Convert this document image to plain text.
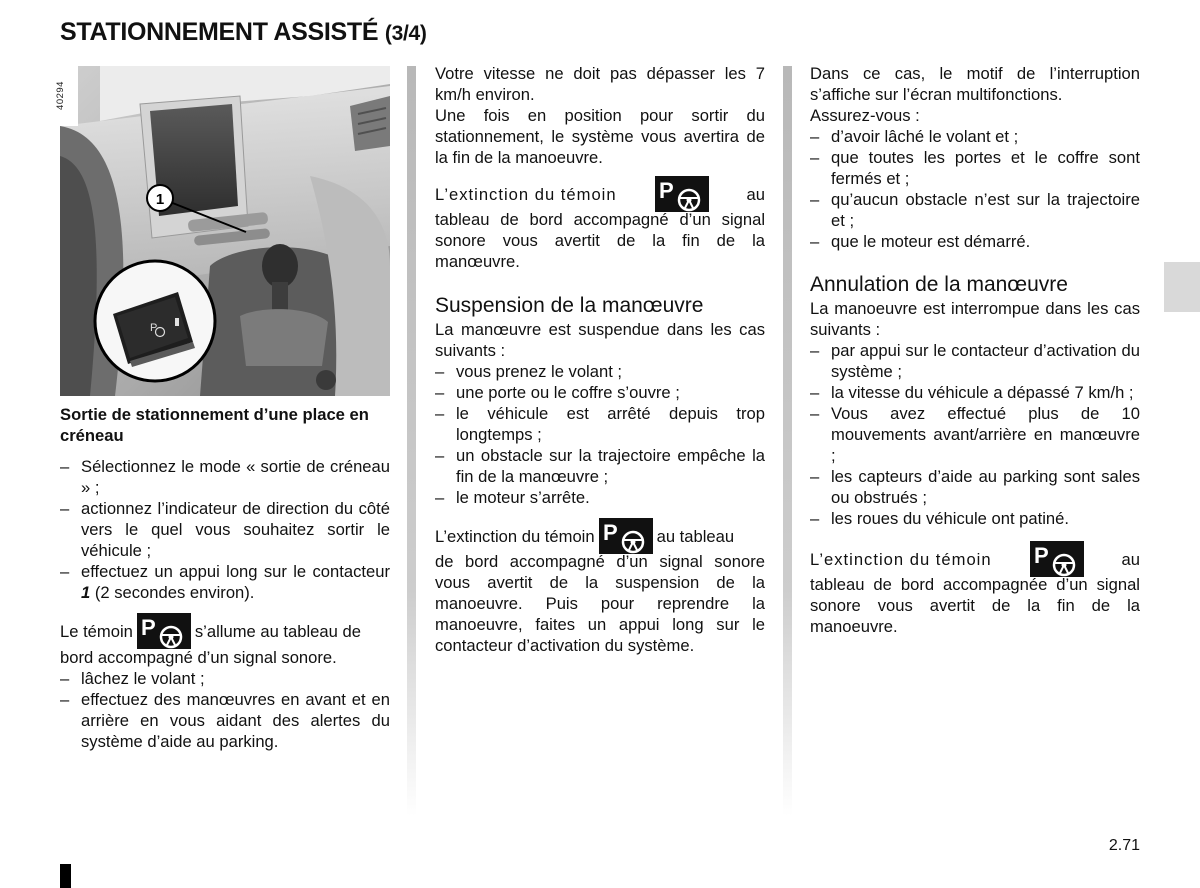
STATIONNEMENT ASSISTÉ (3/4)
1
P
40294

Sortie de stationnement d’une place en créneau

– Sélectionnez le mode « sortie de créneau » ;
– actionnez l’indicateur de direction du côté vers le quel vous souhaitez sortir le véhicule ;
– effectuez un appui long sur le contacteur 1 (2 secondes environ).
Le témoin P s’allume au tableau de

bord accompagné d’un signal sonore.

– lâchez le volant ;
– effectuez des manœuvres en avant et en arrière en vous aidant des alertes du système d’aide au parking.

Votre vitesse ne doit pas dépasser les 7 km/h environ.

Une fois en position pour sortir du stationnement, le système vous avertira de la fin de la manoeuvre.

L’extinction du témoin P	au

tableau de bord accompagné d’un signal sonore vous avertit de la fin de la manœuvre.

Suspension de la manœuvre

La manœuvre est suspendue dans les cas suivants :

– vous prenez le volant ;
– une porte ou le coffre s’ouvre ;
– le véhicule est arrêté depuis trop longtemps ;
– un obstacle sur la trajectoire empêche la fin de la manœuvre ;
– le moteur s’arrête.
L’extinction du témoin P au tableau

de bord accompagné d’un signal sonore vous avertit de la suspension de la manoeuvre. Puis pour reprendre la manoeuvre, faites un appui long sur le contacteur d’activation du système.

Dans ce cas, le motif de l’interruption s’affiche sur l’écran multifonctions.

Assurez-vous :

– d’avoir lâché le volant et ;
– que toutes les portes et le coffre sont fermés et ;
– qu’aucun obstacle n’est sur la trajectoire et ;
– que le moteur est démarré.
Annulation de la manœuvre

La manoeuvre est interrompue dans les cas suivants :

– par appui sur le contacteur d’activation du système ;
– la vitesse du véhicule a dépassé 7 km/h ;
– Vous avez effectué plus de 10 mouvements avant/arrière en manœuvre ;
– les capteurs d’aide au parking sont sales ou obstrués ;
– les roues du véhicule ont patiné.
L’extinction du témoin P	au

tableau de bord accompagnée d’un signal sonore vous avertit de la fin de la manoeuvre.

2.71
